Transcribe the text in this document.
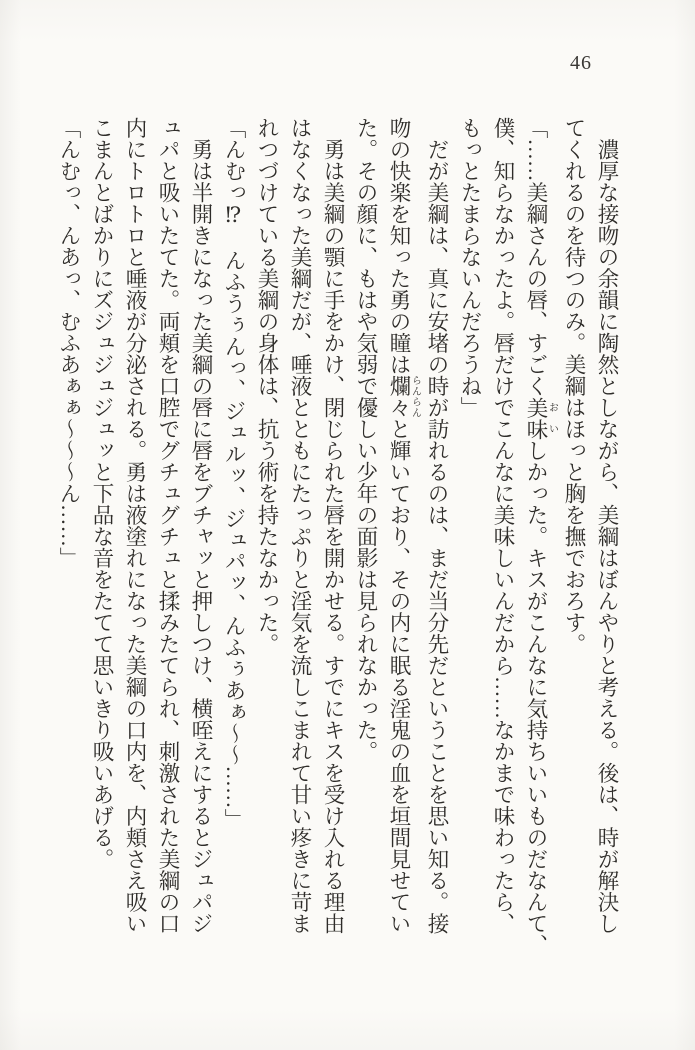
46
　濃厚な接吻の余韻に陶然としながら、美綱はぼんやりと考える。後は、時が解決し
てくれるのを待つのみ。美綱はほっと胸を撫でおろす。
「……美綱さんの唇、すごく美味おいしかった。キスがこんなに気持ちいいものだなんて、
僕、知らなかったよ。唇だけでこんなに美味しいんだから……なかまで味わったら、
もっとたまらないんだろうね」
　だが美綱は、真に安堵の時が訪れるのは、まだ当分先だということを思い知る。接
吻の快楽を知った勇の瞳は爛々らんらんと輝いており、その内に眠る淫鬼の血を垣間見せてい
た。その顔に、もはや気弱で優しい少年の面影は見られなかった。
　勇は美綱の顎に手をかけ、閉じられた唇を開かせる。すでにキスを受け入れる理由
はなくなった美綱だが、唾液とともにたっぷりと淫気を流しこまれて甘い疼きに苛ま
れつづけている美綱の身体は、抗う術を持たなかった。
「んむっ⁉　んふうぅんっ、ジュルッ、ジュパッ、んふぅあぁ～～……」
　勇は半開きになった美綱の唇に唇をブチャッと押しつけ、横咥えにするとジュパジ
ュパと吸いたてた。両頬を口腔でグチュグチュと揉みたてられ、刺激された美綱の口
内にトロトロと唾液が分泌される。勇は液塗れになった美綱の口内を、内頬さえ吸い
こまんとばかりにズジュジュジュッと下品な音をたてて思いきり吸いあげる。
「んむっ、んあっ、むふあぁぁ～～～ん……」
